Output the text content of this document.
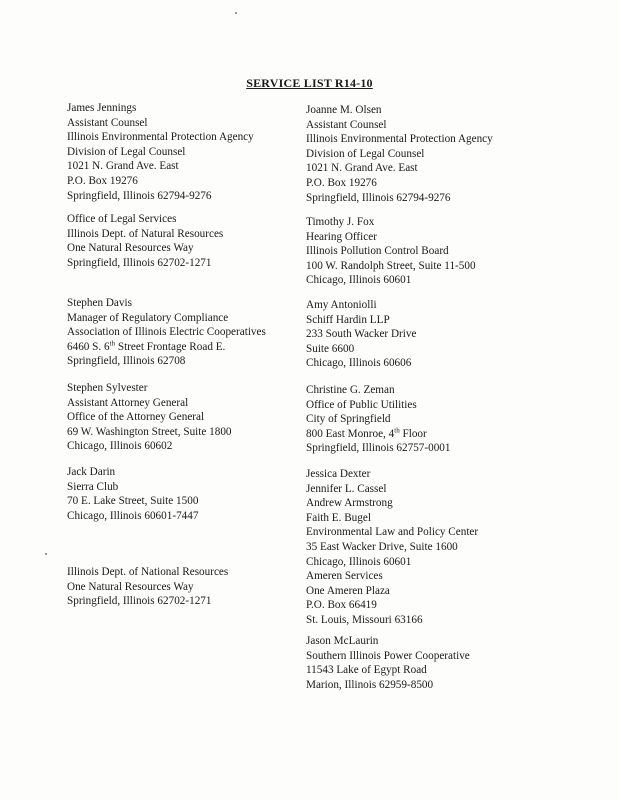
SERVICE LIST R14-10
James Jennings
Assistant Counsel
Illinois Environmental Protection Agency
Division of Legal Counsel
1021 N. Grand Ave. East
P.O. Box 19276
Springfield, Illinois 62794-9276
Office of Legal Services
Illinois Dept. of Natural Resources
One Natural Resources Way
Springfield, Illinois 62702-1271
Stephen Davis
Manager of Regulatory Compliance
Association of Illinois Electric Cooperatives
6460 S. 6th Street Frontage Road E.
Springfield, Illinois 62708
Stephen Sylvester
Assistant Attorney General
Office of the Attorney General
69 W. Washington Street, Suite 1800
Chicago, Illinois 60602
Jack Darin
Sierra Club
70 E. Lake Street, Suite 1500
Chicago, Illinois 60601-7447
Illinois Dept. of National Resources
One Natural Resources Way
Springfield, Illinois 62702-1271
Joanne M. Olsen
Assistant Counsel
Illinois Environmental Protection Agency
Division of Legal Counsel
1021 N. Grand Ave. East
P.O. Box 19276
Springfield, Illinois 62794-9276
Timothy J. Fox
Hearing Officer
Illinois Pollution Control Board
100 W. Randolph Street, Suite 11-500
Chicago, Illinois 60601
Amy Antoniolli
Schiff Hardin LLP
233 South Wacker Drive
Suite 6600
Chicago, Illinois 60606
Christine G. Zeman
Office of Public Utilities
City of Springfield
800 East Monroe, 4th Floor
Springfield, Illinois 62757-0001
Jessica Dexter
Jennifer L. Cassel
Andrew Armstrong
Faith E. Bugel
Environmental Law and Policy Center
35 East Wacker Drive, Suite 1600
Chicago, Illinois 60601
Ameren Services
One Ameren Plaza
P.O. Box 66419
St. Louis, Missouri 63166
Jason McLaurin
Southern Illinois Power Cooperative
11543 Lake of Egypt Road
Marion, Illinois 62959-8500
